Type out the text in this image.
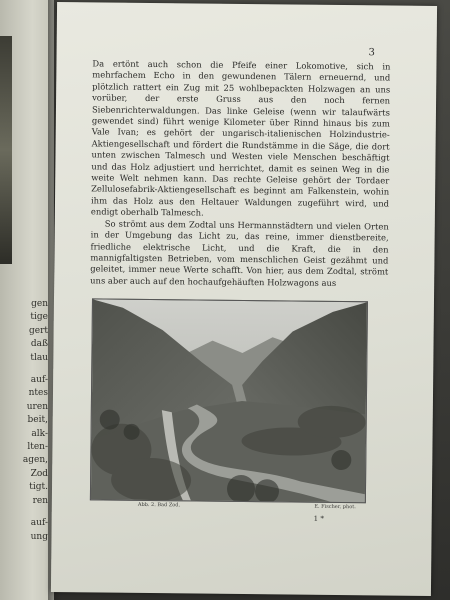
gen
tige
gert
daß
tlau
auf-
ntes
uren
beit,
alk-
lten-
agen,
Zod
tigt.
ren
auf-
ung
3

Da ertönt auch schon die Pfeife einer Lokomotive, sich in mehrfachem Echo in den gewundenen Tälern erneuernd, und plötzlich rattert ein Zug mit 25 wohlbepackten Holzwagen an uns vorüber, der erste Gruss aus den noch fernen Siebenrichterwaldungen. Das linke Geleise (wenn wir talaufwärts gewendet sind) führt wenige Kilometer über Rinnd hinaus bis zum Vale Ivan; es gehört der ungarisch-italienischen Holzindustrie-Aktiengesellschaft und fördert die Rundstämme in die Säge, die dort unten zwischen Talmesch und Westen viele Menschen beschäftigt und das Holz adjustiert und herrichtet, damit es seinen Weg in die weite Welt nehmen kann. Das rechte Geleise gehört der Tordaer Zellulosefabrik-Aktiengesellschaft es beginnt am Falkenstein, wohin ihm das Holz aus den Heltauer Waldungen zugeführt wird, und endigt oberhalb Talmesch.

So strömt aus dem Zodtal uns Hermannstädtern und vielen Orten in der Umgebung das Licht zu, das reine, immer dienstbereite, friedliche elektrische Licht, und die Kraft, die in den mannigfaltigsten Betrieben, vom menschlichen Geist gezähmt und geleitet, immer neue Werte schafft. Von hier, aus dem Zodtal, strömt uns aber auch auf den hochaufgehäuften Holzwagons aus

Abb. 2. Bad Zod.	E. Fischer, phot.
1 *
